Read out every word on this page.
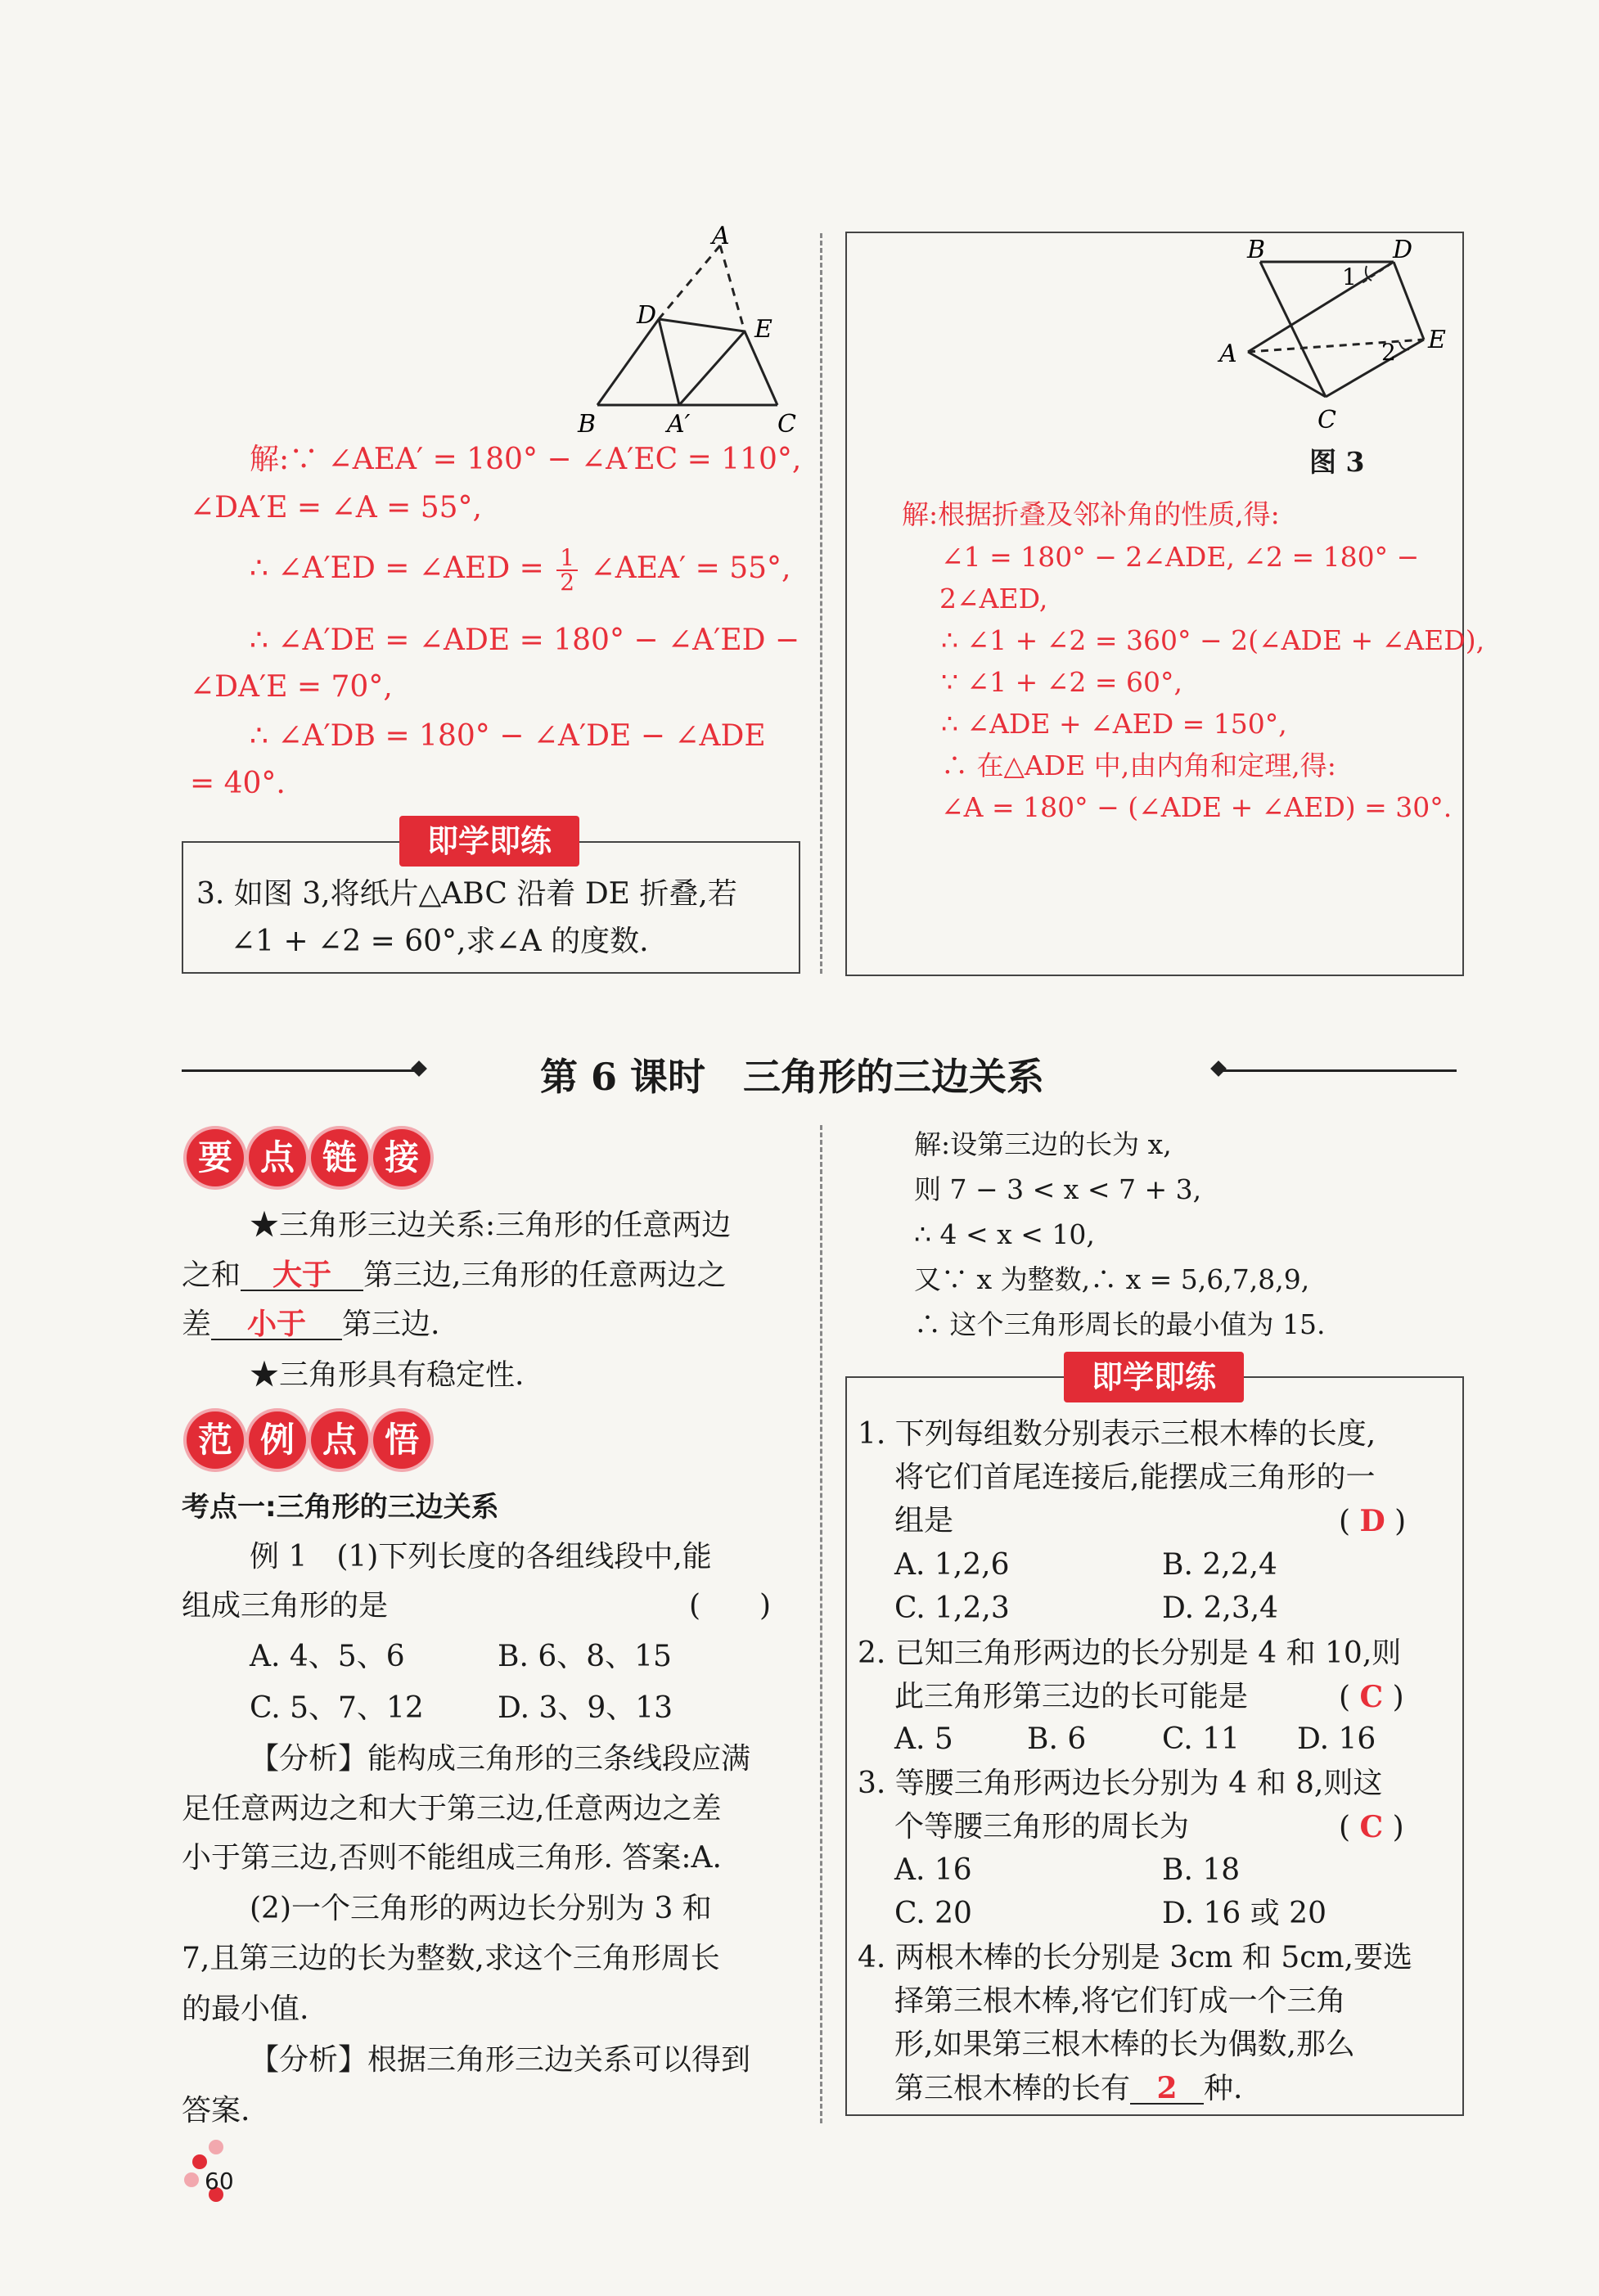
A
D	E
B	A′	C
解:∵ ∠AEA′ = 180° − ∠A′EC = 110°,
∠DA′E = ∠A = 55°,
∴ ∠A′ED = ∠AED = $\frac{1}{2}$ ∠AEA′ = 55°,
∴ ∠A′DE = ∠ADE = 180° − ∠A′ED −
∠DA′E = 70°,
∴ ∠A′DB = 180° − ∠A′DE − ∠ADE
= 40°.
即学即练
3. 如图 3,将纸片△ABC 沿着 DE 折叠,若
∠1 + ∠2 = 60°,求∠A 的度数.
B	D
1
A	2 E
C
图 3
解:根据折叠及邻补角的性质,得:
∠1 = 180° − 2∠ADE, ∠2 = 180° −
2∠AED,
∴ ∠1 + ∠2 = 360° − 2(∠ADE + ∠AED),
∵ ∠1 + ∠2 = 60°,
∴ ∠ADE + ∠AED = 150°,
∴ 在△ADE 中,由内角和定理,得:
∠A = 180° − (∠ADE + ∠AED) = 30°.
第 6 课时　三角形的三边关系
要 点 链 接
★三角形三边关系:三角形的任意两边
之和 大于 第三边,三角形的任意两边之
差 小于 第三边.
★三角形具有稳定性.
范 例 点 悟
考点一:三角形的三边关系
例 1　(1)下列长度的各组线段中,能
组成三角形的是	(　　)
A. 4、5、6	B. 6、8、15
C. 5、7、12	D. 3、9、13
【分析】能构成三角形的三条线段应满
足任意两边之和大于第三边,任意两边之差
小于第三边,否则不能组成三角形. 答案:A.
(2)一个三角形的两边长分别为 3 和
7,且第三边的长为整数,求这个三角形周长
的最小值.
【分析】根据三角形三边关系可以得到
答案.
60
解:设第三边的长为 x,
则 7 − 3 < x < 7 + 3,
∴ 4 < x < 10,
又∵ x 为整数,∴ x = 5,6,7,8,9,
∴ 这个三角形周长的最小值为 15.
即学即练
1. 下列每组数分别表示三根木棒的长度,
将它们首尾连接后,能摆成三角形的一
组是	( D )
A. 1,2,6	B. 2,2,4
C. 1,2,3	D. 2,3,4
2. 已知三角形两边的长分别是 4 和 10,则
此三角形第三边的长可能是	( C )
A. 5	B. 6	C. 11 D. 16
3. 等腰三角形两边长分别为 4 和 8,则这
个等腰三角形的周长为	( C )
A. 16	B. 18
C. 20	D. 16 或 20
4. 两根木棒的长分别是 3cm 和 5cm,要选
择第三根木棒,将它们钉成一个三角
形,如果第三根木棒的长为偶数,那么
第三根木棒的长有 2 种.
